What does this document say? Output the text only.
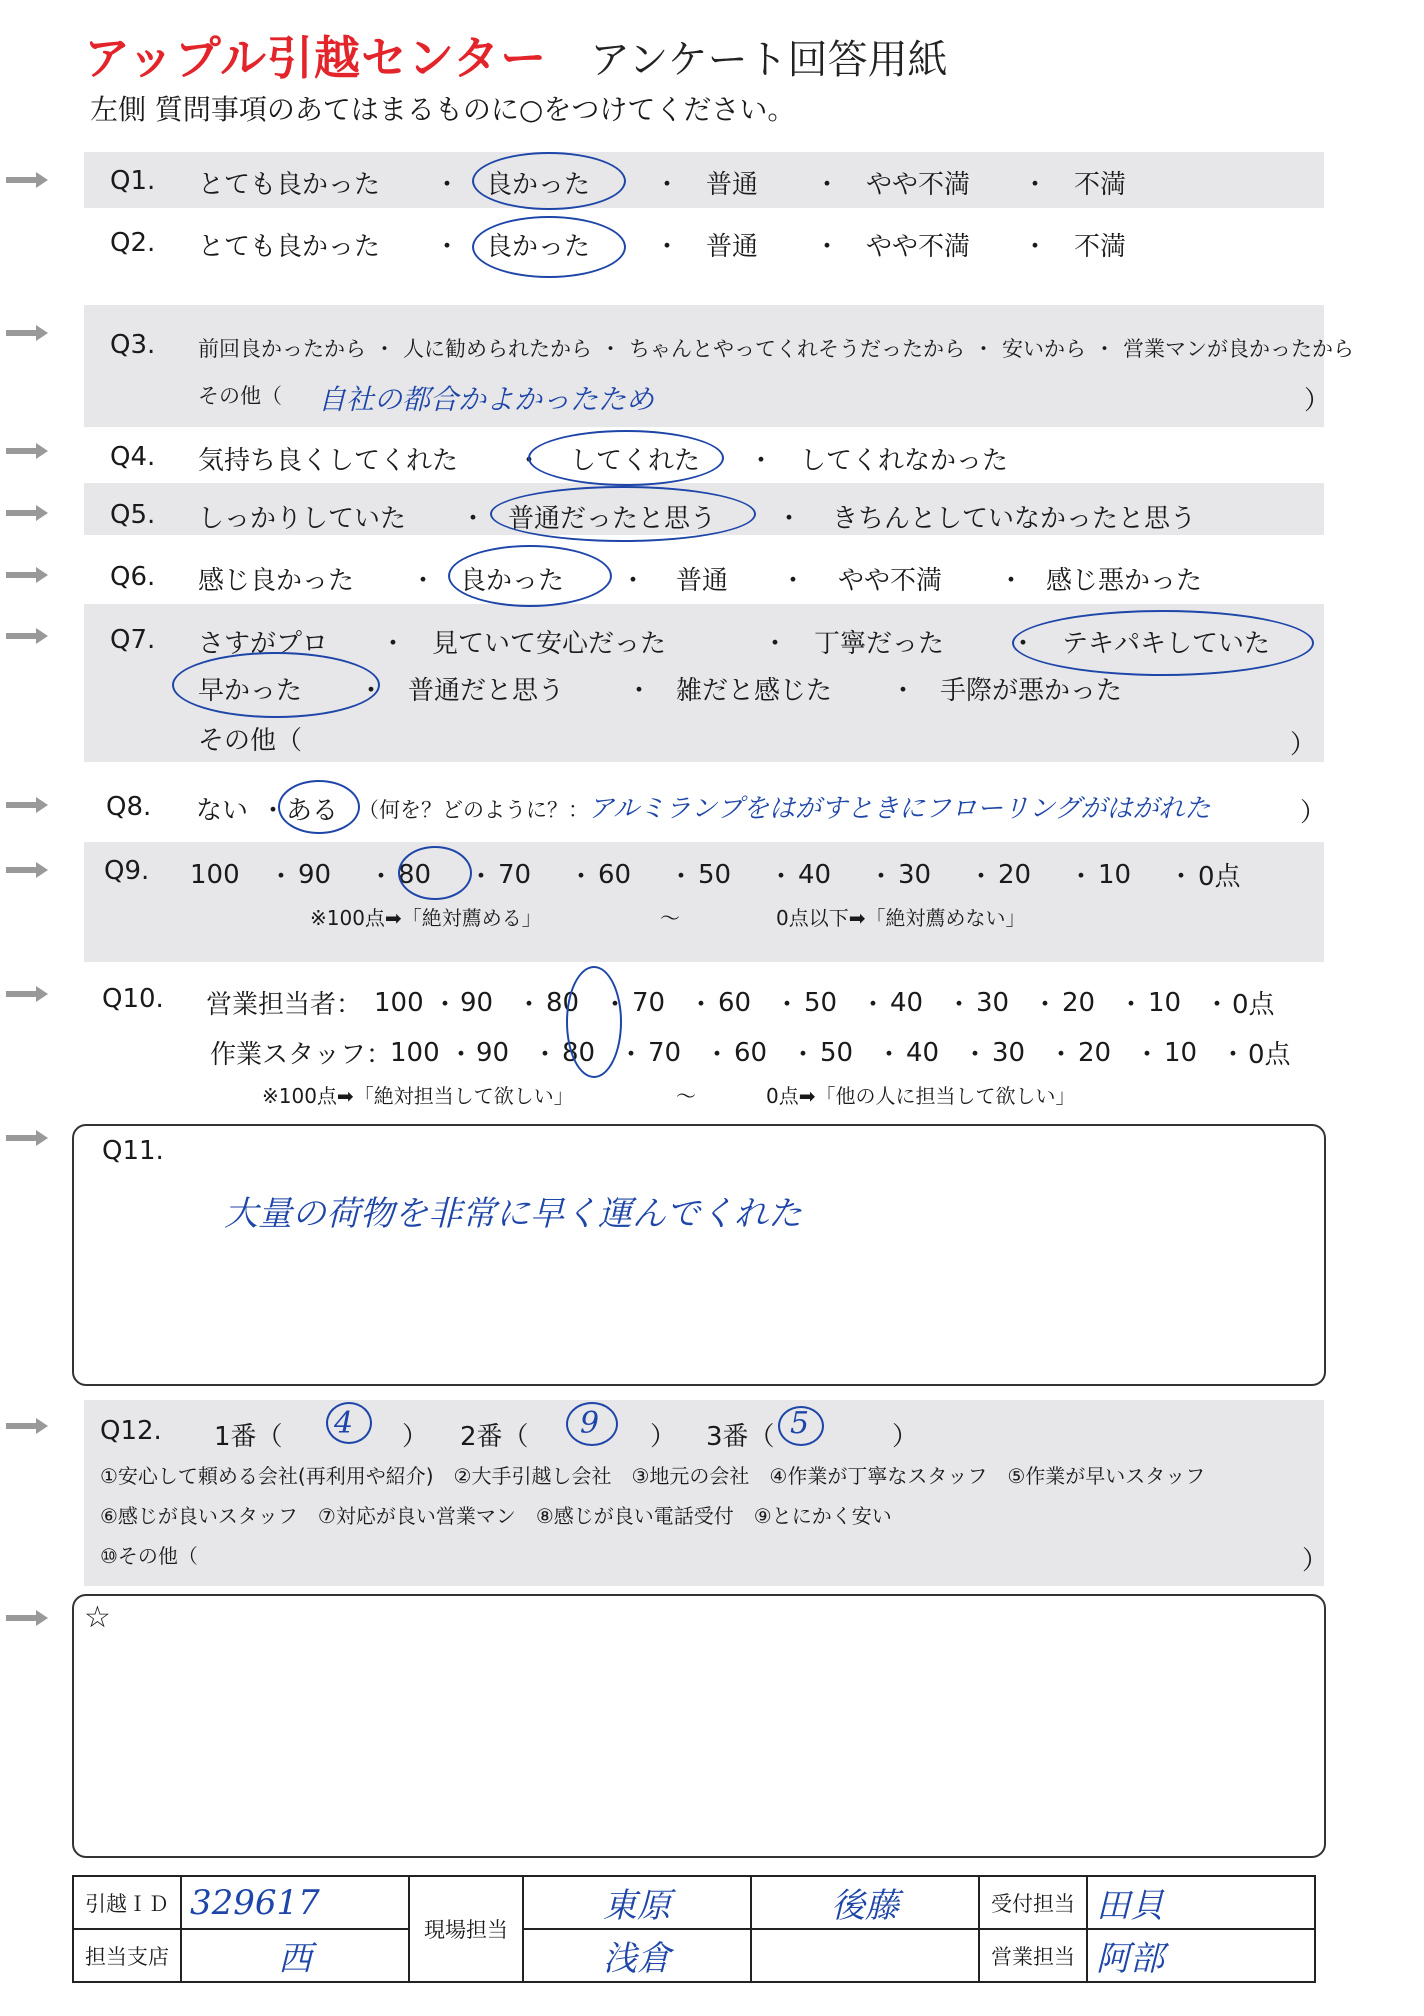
アップル引越センター アンケート回答用紙
左側 質問事項のあてはまるものに○をつけてください。
Q1. とても良かった	・ 良かった	・ 普通	・ やや不満	・ 不満
Q2. とても良かった	・ 良かった	・ 普通	・ やや不満	・ 不満
Q3. 前回良かったから ・ 人に勧められたから ・ ちゃんとやってくれそうだったから ・ 安いから ・ 営業マンが良かったから
その他（ 自社の都合かよかったため	）
Q4. 気持ち良くしてくれた	・	してくれた	・ してくれなかった
Q5. しっかりしていた	・ 普通だったと思う	・	きちんとしていなかったと思う
Q6. 感じ良かった	・ 良かった	・	普通	・	やや不満	・ 感じ悪かった
Q7. さすがプロ	・ 見ていて安心だった	・ 丁寧だった	・ テキパキしていた
早かった	・ 普通だと思う	・ 雑だと感じた	・ 手際が悪かった
その他（	）
Q8. ない ・ ある （何を？どのように？： アルミランプをはがすときにフローリングがはがれた	）
Q9. 100	・ 90	・ 80	・ 70	・ 60	・ 50	・ 40	・ 30	・ 20	・ 10	・ 0点
※100点➡「絶対薦める」	～	0点以下➡「絶対薦めない」
Q10. 営業担当者： 100 ・ 90 ・ 80 ・ 70 ・ 60 ・ 50 ・ 40 ・ 30 ・ 20 ・ 10 ・ 0点
作業スタッフ：
100 ・ 90 ・ 80 ・ 70 ・ 60 ・ 50 ・ 40 ・ 30 ・ 20 ・ 10 ・ 0点
※100点➡「絶対担当して欲しい」	～	0点➡「他の人に担当して欲しい」
Q11.
大量の荷物を非常に早く運んでくれた
Q12. 1番（ 4 ） 2番（ 9 ） 3番（ 5	）
①安心して頼める会社(再利用や紹介)　②大手引越し会社　③地元の会社　④作業が丁寧なスタッフ　⑤作業が早いスタッフ
⑥感じが良いスタッフ　⑦対応が良い営業マン　⑧感じが良い電話受付　⑨とにかく安い
⑩その他（	）
☆
引越ＩＤ	329617	現場担当	東原	後藤	受付担当	田貝
担当支店	西		浅倉		営業担当	阿部
